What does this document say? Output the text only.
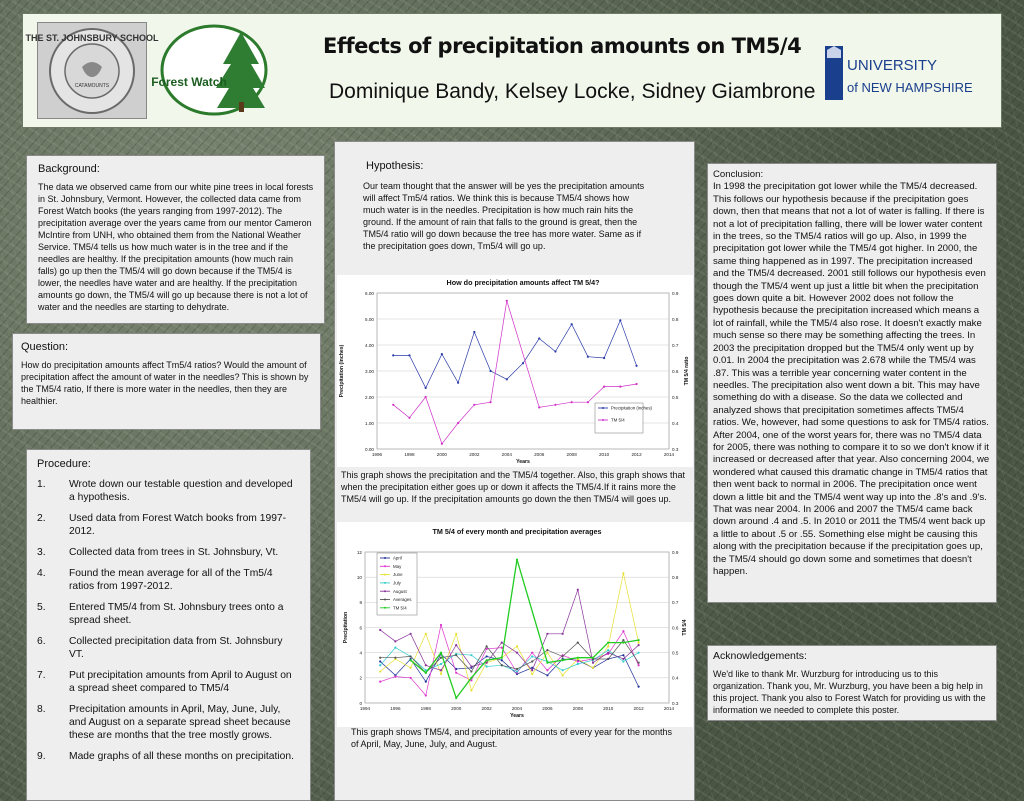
THE ST. JOHNSBURY SCHOOL
CATAMOUNTS	Forest Watch
Effects of precipitation amounts on TM5/4
Dominique Bandy, Kelsey Locke, Sidney Giambrone
UNIVERSITY
of NEW HAMPSHIRE
Background:

The data we observed came from our white pine trees in local forests in St. Johnsbury, Vermont. However, the collected data came from Forest Watch books (the years ranging from 1997-2012). The precipitation average over the years came from our mentor Cameron McIntire from UNH, who obtained them from the National Weather Service. TM5/4 tells us how much water is in the tree and if the needles are healthy. If the precipitation amounts (how much rain falls) go up then the TM5/4 will go down because if the TM5/4 is lower, the needles have water and are healthy. If the precipitation amounts go down, the TM5/4 will go up because there is not a lot of water and the needles are starting to dehydrate.

Question:

How do precipitation amounts affect Tm5/4 ratios? Would the amount of precipitation affect the amount of water in the needles? This is shown by the TM5/4 ratio, If there is more water in the needles, then they are healthier.

Procedure:
1. Wrote down our testable question and developed a hypothesis.
2. Used data from Forest Watch books from 1997-2012.
3. Collected data from trees in St. Johnsbury, Vt.
4. Found the mean average for all of the Tm5/4 ratios from 1997-2012.
5. Entered TM5/4 from St. Johnsbury trees onto a spread sheet.
6. Collected precipitation data from St. Johnsbury VT.
7. Put precipitation amounts from April to August on a spread sheet compared to TM5/4
8. Precipitation amounts in April, May, June, July, and August on a separate spread sheet because these are months that the tree mostly grows.
9. Made graphs of all these months on precipitation.
Hypothesis:

Our team thought that the answer will be yes the precipitation amounts will affect Tm5/4 ratios. We think this is because TM5/4 shows how much water is in the needles. Precipitation is how much rain hits the ground. If the amount of rain that falls to the ground is great, then the TM5/4 ratio will go down because the tree has more water. Same as if the precipitation goes down, Tm5/4 will go up.

How do precipitation amounts affect TM 5/4?
0.00
1.00
2.00
3.00
4.00
5.00
6.00
0.3
0.4
0.5
0.6
0.7
0.8
0.9
1996	1998	2000	2002	2004	2006	2008	2010	2012	2014
Years
Precipitation (inches)	TM 5/4 ratio
Precipitation (inches)
TM 5/4

This graph shows the precipitation and the TM5/4 together. Also, this graph shows that when the precipitation either goes up or down it affects the TM5/4.If it rains more the TM5/4 will go up. If the precipitation amounts go down the then TM5/4 will goes up.

TM 5/4 of every month and precipitation averages
0
2
4
6
8
10
12
0.3
0.4
0.5
0.6
0.7
0.8
0.9
1994	1996	1998	2000	2002	2004	2006	2008	2010	2012	2014
Years
Precipitation	TM 5/4
April
May
June
July
August
Averages
TM 5/4

This graph shows TM5/4, and precipitation amounts of every year for the months of April, May, June, July, and August.

Conclusion:

In 1998 the precipitation got lower while the TM5/4 decreased. This follows our hypothesis because if the precipitation goes down, then that means that not a lot of water is falling. If there is not a lot of precipitation falling, there will be lower water content in the trees, so the TM5/4 ratios will go up. Also, in 1999 the precipitation got lower while the TM5/4 got higher. In 2000, the same thing happened as in 1997. The precipitation increased and the TM5/4 decreased. 2001 still follows our hypothesis even though the TM5/4 went up just a little bit when the precipitation goes down quite a bit. However 2002 does not follow the hypothesis because the precipitation increased which means a lot of rainfall, while the TM5/4 also rose. It doesn't exactly make much sense so there may be something affecting the trees. In 2003 the precipitation dropped but the TM5/4 only went up by 0.01. In 2004 the precipitation was 2.678 while the TM5/4 was .87. This was a terrible year concerning water content in the needles. The precipitation also went down a bit. This may have something do with a disease. So the data we collected and analyzed shows that precipitation sometimes affects TM5/4 ratios. We, however, had some questions to ask for TM5/4 ratios. After 2004, one of the worst years for, there was no TM5/4 data for 2005, there was nothing to compare it to so we don't know if it increased or decreased after that year. Also concerning 2004, we wondered what caused this dramatic change in TM5/4 ratios that then went back to normal in 2006. The precipitation once went down a little bit and the TM5/4 went way up into the .8's and .9's. That was near 2004. In 2006 and 2007 the TM5/4 came back down around .4 and .5. In 2010 or 2011 the TM5/4 went back up a little to about .5 or .55. Something else might be causing this along with the precipitation because if the precipitation goes up, the TM5/4 should go down some and sometimes that doesn't happen.

Acknowledgements:

We'd like to thank Mr. Wurzburg for introducing us to this organization. Thank you, Mr. Wurzburg, you have been a big help in this project. Thank you also to Forest Watch for providing us with the information we needed to complete this poster.
